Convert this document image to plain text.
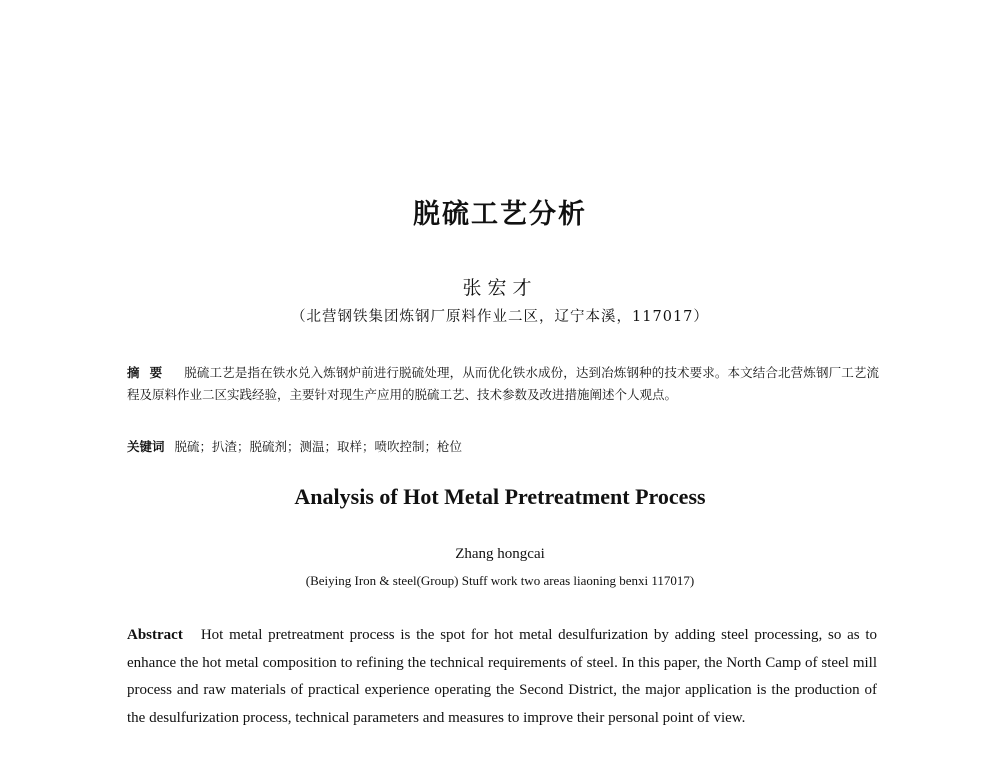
脱硫工艺分析
张宏才
（北营钢铁集团炼钢厂原料作业二区，辽宁本溪，117017）
摘要 脱硫工艺是指在铁水兑入炼钢炉前进行脱硫处理，从而优化铁水成份，达到冶炼钢种的技术要求。本文结合北营炼钢厂工艺流程及原料作业二区实践经验，主要针对现生产应用的脱硫工艺、技术参数及改进措施阐述个人观点。
关键词 脱硫；扒渣；脱硫剂；测温；取样；喷吹控制；枪位
Analysis of Hot Metal Pretreatment Process
Zhang hongcai
(Beiying Iron & steel(Group) Stuff work two areas liaoning benxi 117017)
Abstract Hot metal pretreatment process is the spot for hot metal desulfurization by adding steel processing, so as to enhance the hot metal composition to refining the technical requirements of steel. In this paper, the North Camp of steel mill process and raw materials of practical experience operating the Second District, the major application is the production of the desulfurization process, technical parameters and measures to improve their personal point of view.
